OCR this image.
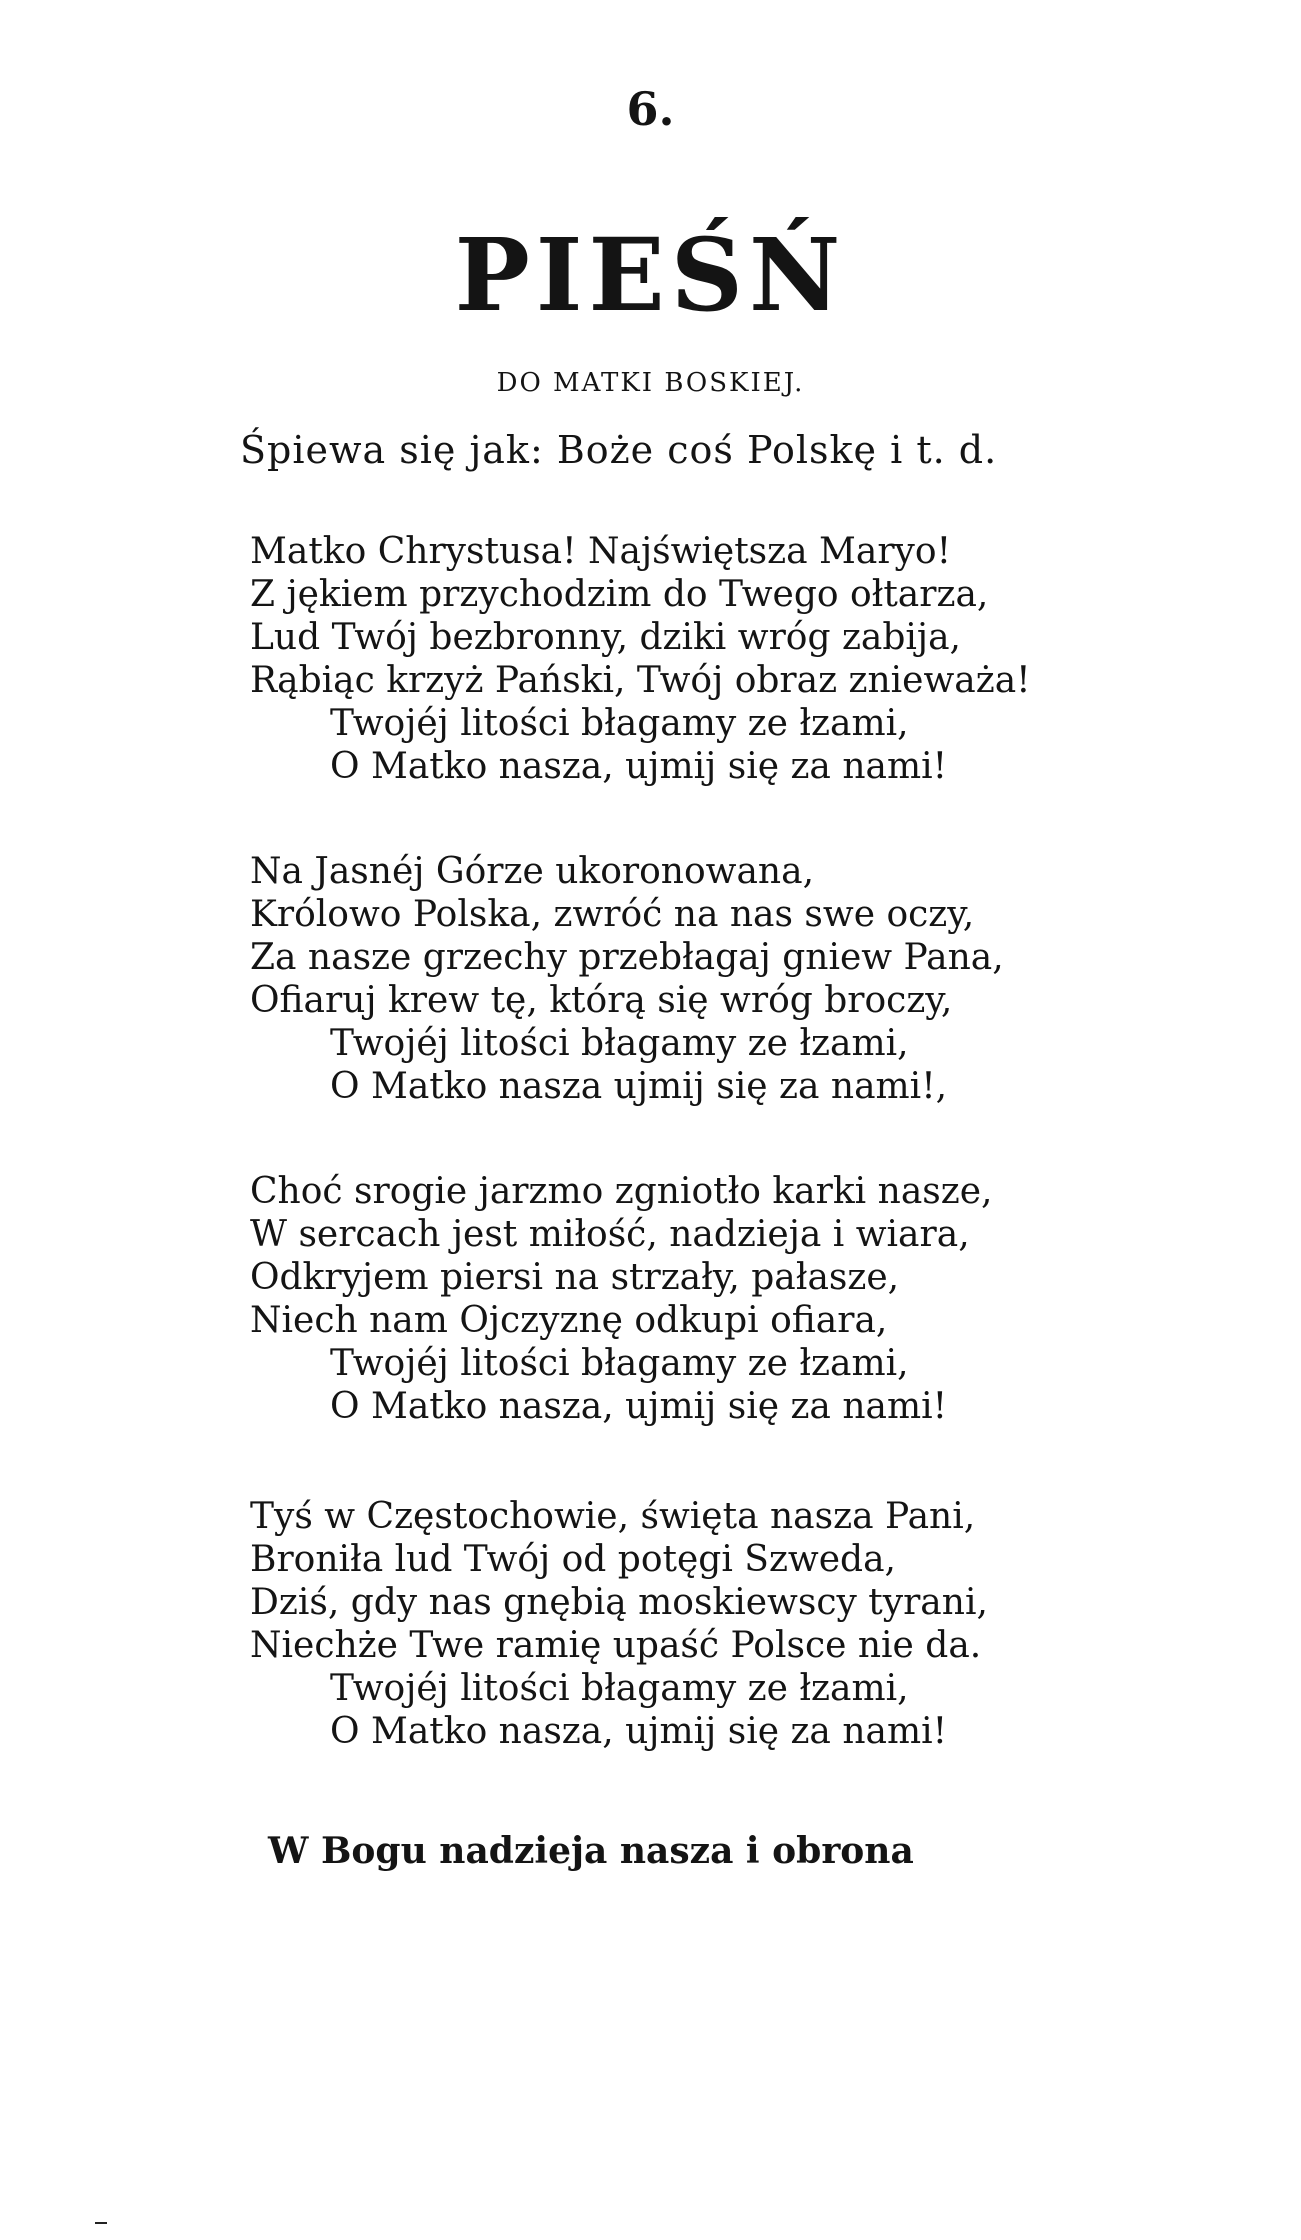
6.
PIEŚŃ
DO MATKI BOSKIEJ.
Śpiewa się jak: Boże coś Polskę i t. d.
Matko Chrystusa! Najświętsza Maryo!
Z jękiem przychodzim do Twego ołtarza,
Lud Twój bezbronny, dziki wróg zabija,
Rąbiąc krzyż Pański, Twój obraz znieważa!
Twojéj litości błagamy ze łzami,
O Matko nasza, ujmij się za nami!
Na Jasnéj Górze ukoronowana,
Królowo Polska, zwróć na nas swe oczy,
Za nasze grzechy przebłagaj gniew Pana,
Ofiaruj krew tę, którą się wróg broczy,
Twojéj litości błagamy ze łzami,
O Matko nasza ujmij się za nami!,
Choć srogie jarzmo zgniotło karki nasze,
W sercach jest miłość, nadzieja i wiara,
Odkryjem piersi na strzały, pałasze,
Niech nam Ojczyznę odkupi ofiara,
Twojéj litości błagamy ze łzami,
O Matko nasza, ujmij się za nami!
Tyś w Częstochowie, święta nasza Pani,
Broniła lud Twój od potęgi Szweda,
Dziś, gdy nas gnębią moskiewscy tyrani,
Niechże Twe ramię upaść Polsce nie da.
Twojéj litości błagamy ze łzami,
O Matko nasza, ujmij się za nami!
W Bogu nadzieja nasza i obrona
